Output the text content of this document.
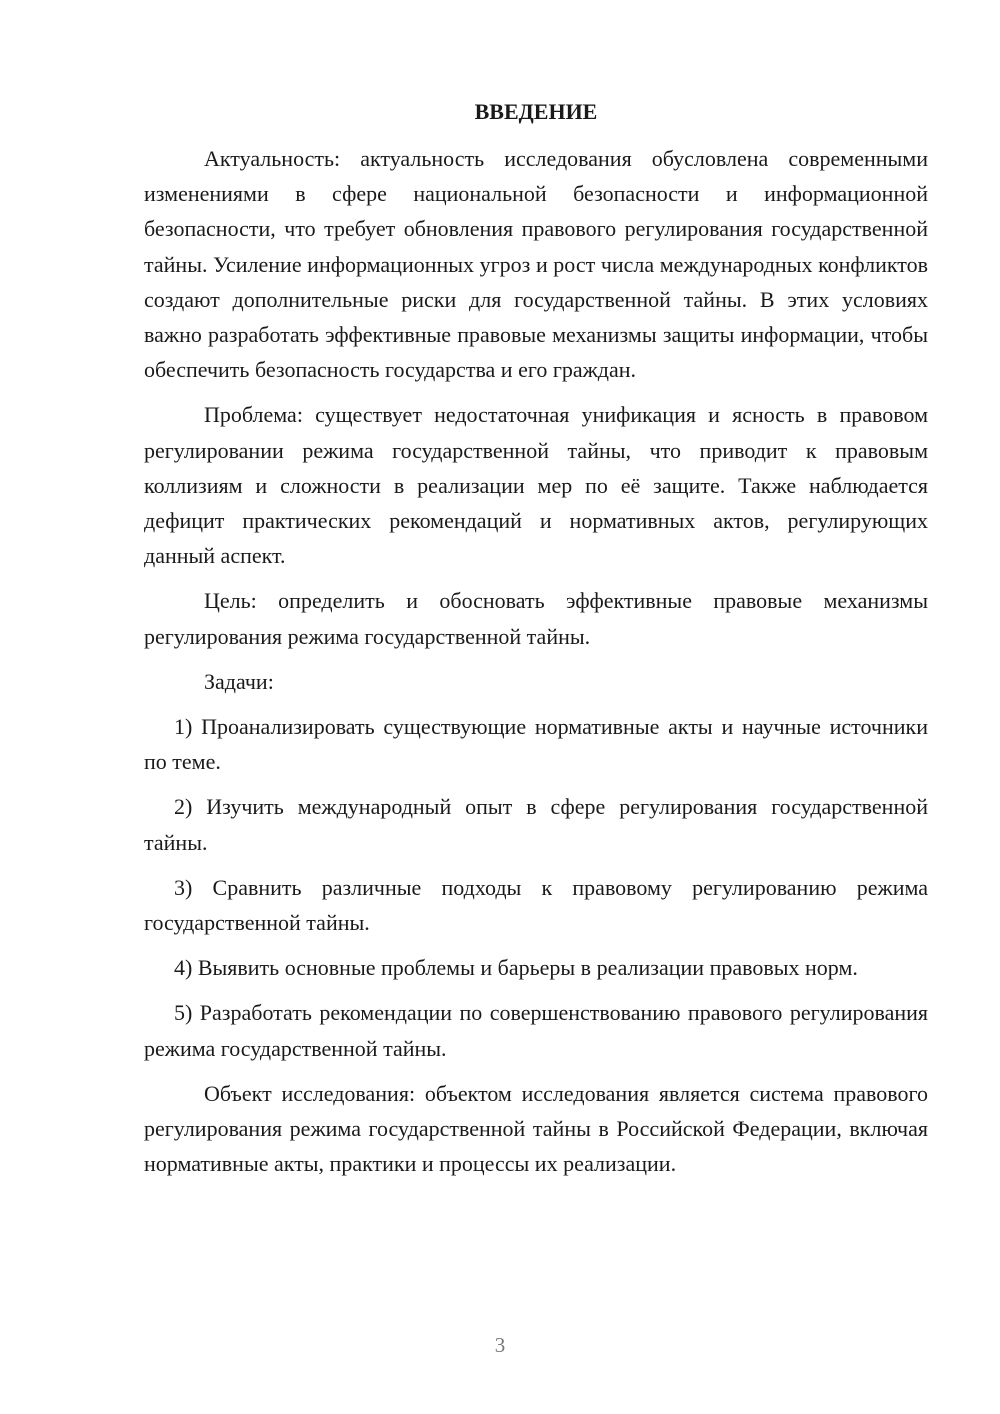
ВВЕДЕНИЕ

Актуальность: актуальность исследования обусловлена современными изменениями в сфере национальной безопасности и информационной безопасности, что требует обновления правового регулирования государственной тайны. Усиление информационных угроз и рост числа международных конфликтов создают дополнительные риски для государственной тайны. В этих условиях важно разработать эффективные правовые механизмы защиты информации, чтобы обеспечить безопасность государства и его граждан.

Проблема: существует недостаточная унификация и ясность в правовом регулировании режима государственной тайны, что приводит к правовым коллизиям и сложности в реализации мер по её защите. Также наблюдается дефицит практических рекомендаций и нормативных актов, регулирующих данный аспект.

Цель: определить и обосновать эффективные правовые механизмы регулирования режима государственной тайны.

Задачи:

1) Проанализировать существующие нормативные акты и научные источники по теме.

2) Изучить международный опыт в сфере регулирования государственной тайны.

3) Сравнить различные подходы к правовому регулированию режима государственной тайны.

4) Выявить основные проблемы и барьеры в реализации правовых норм.

5) Разработать рекомендации по совершенствованию правового регулирования режима государственной тайны.

Объект исследования: объектом исследования является система правового регулирования режима государственной тайны в Российской Федерации, включая нормативные акты, практики и процессы их реализации.

3
